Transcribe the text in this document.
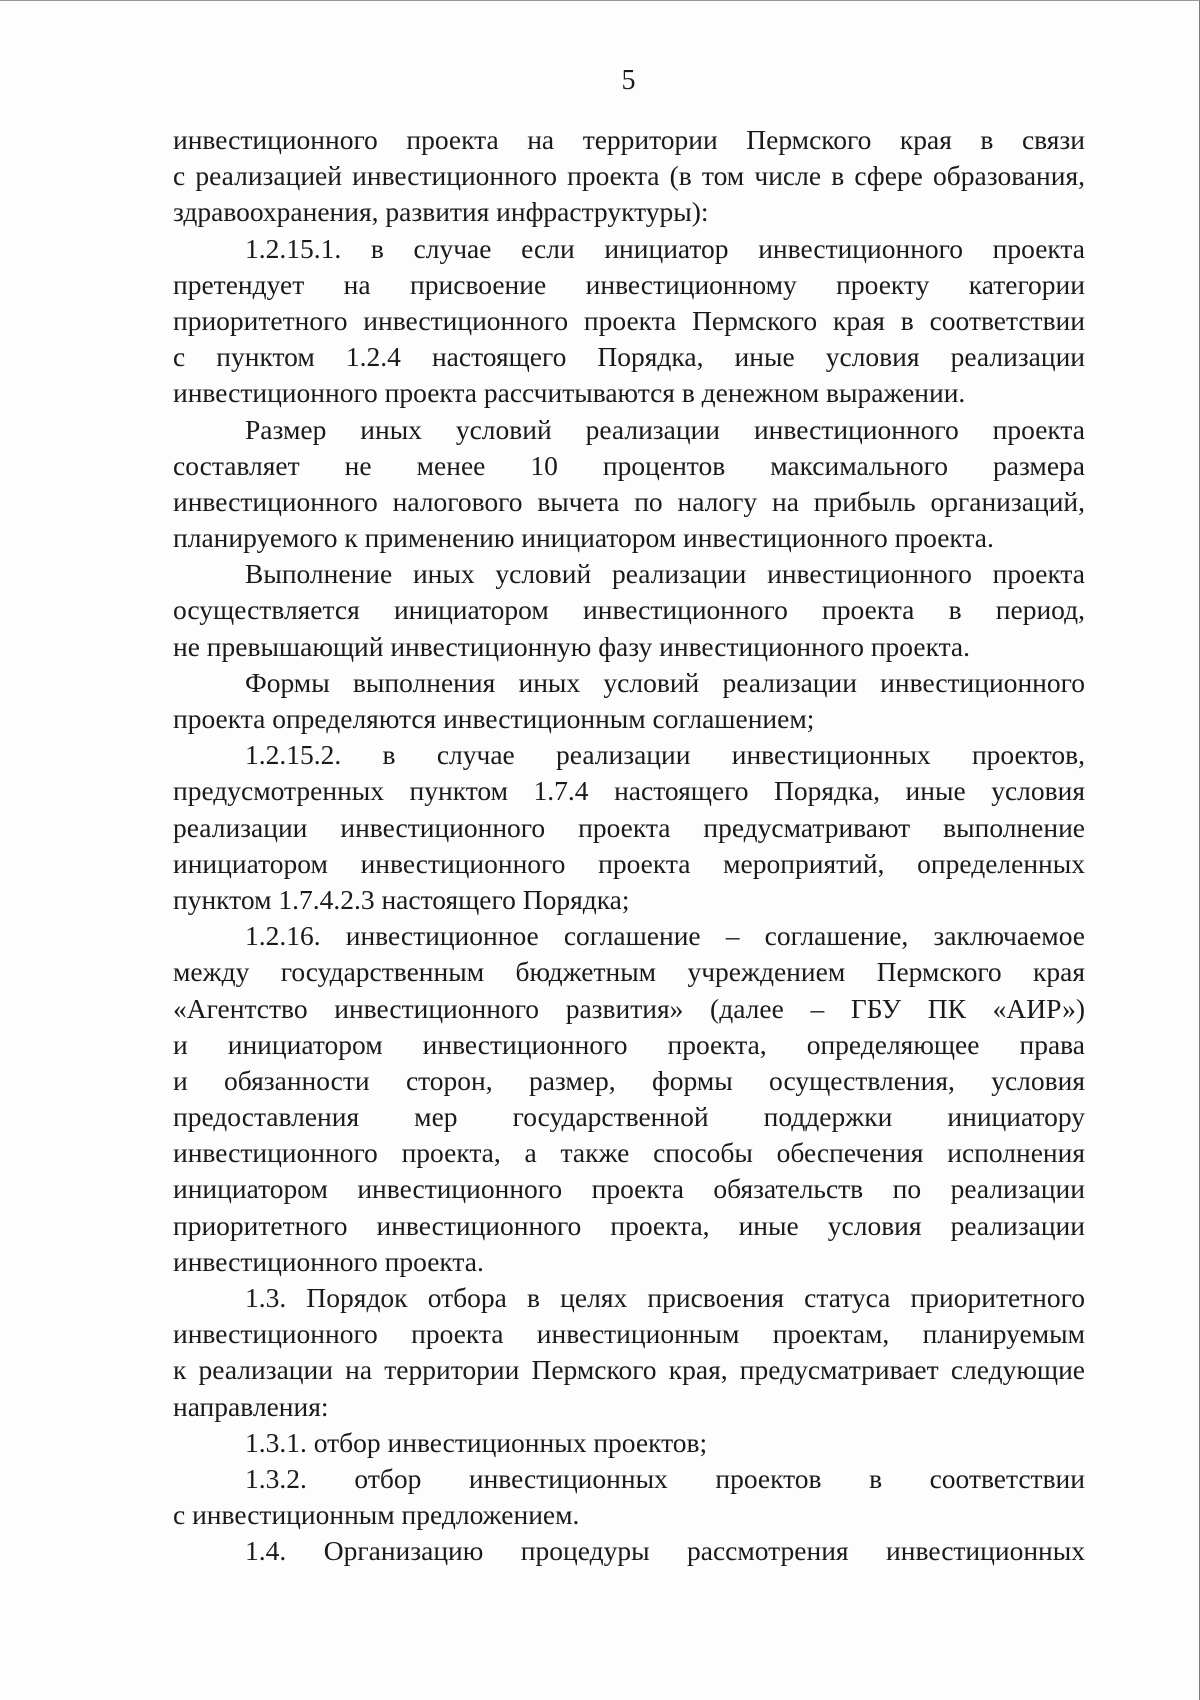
5
инвестиционного проекта на территории Пермского края в связи
с реализацией инвестиционного проекта (в том числе в сфере образования,
здравоохранения, развития инфраструктуры):
1.2.15.1. в случае если инициатор инвестиционного проекта
претендует на присвоение инвестиционному проекту категории
приоритетного инвестиционного проекта Пермского края в соответствии
с пунктом 1.2.4 настоящего Порядка, иные условия реализации
инвестиционного проекта рассчитываются в денежном выражении.
Размер иных условий реализации инвестиционного проекта
составляет не менее 10 процентов максимального размера
инвестиционного налогового вычета по налогу на прибыль организаций,
планируемого к применению инициатором инвестиционного проекта.
Выполнение иных условий реализации инвестиционного проекта
осуществляется инициатором инвестиционного проекта в период,
не превышающий инвестиционную фазу инвестиционного проекта.
Формы выполнения иных условий реализации инвестиционного
проекта определяются инвестиционным соглашением;
1.2.15.2. в случае реализации инвестиционных проектов,
предусмотренных пунктом 1.7.4 настоящего Порядка, иные условия
реализации инвестиционного проекта предусматривают выполнение
инициатором инвестиционного проекта мероприятий, определенных
пунктом 1.7.4.2.3 настоящего Порядка;
1.2.16. инвестиционное соглашение – соглашение, заключаемое
между государственным бюджетным учреждением Пермского края
«Агентство инвестиционного развития» (далее – ГБУ ПК «АИР»)
и инициатором инвестиционного проекта, определяющее права
и обязанности сторон, размер, формы осуществления, условия
предоставления мер государственной поддержки инициатору
инвестиционного проекта, а также способы обеспечения исполнения
инициатором инвестиционного проекта обязательств по реализации
приоритетного инвестиционного проекта, иные условия реализации
инвестиционного проекта.
1.3. Порядок отбора в целях присвоения статуса приоритетного
инвестиционного проекта инвестиционным проектам, планируемым
к реализации на территории Пермского края, предусматривает следующие
направления:
1.3.1. отбор инвестиционных проектов;
1.3.2. отбор инвестиционных проектов в соответствии
с инвестиционным предложением.
1.4. Организацию процедуры рассмотрения инвестиционных
